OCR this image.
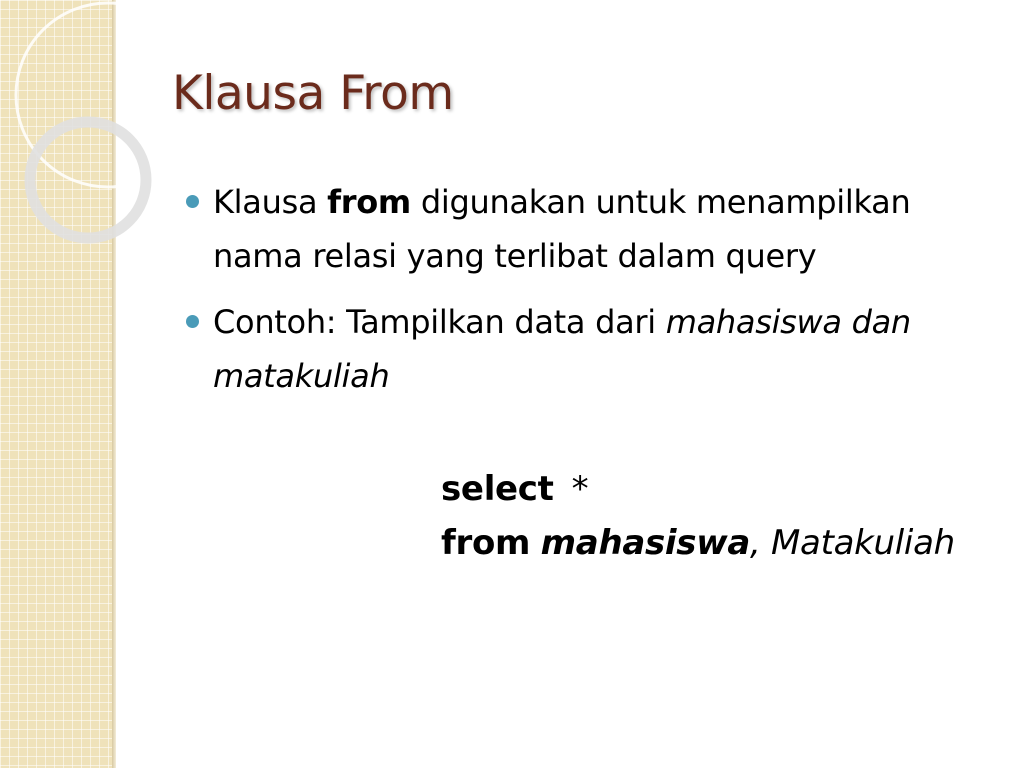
Klausa From
Klausa from digunakan untuk menampilkan nama relasi yang terlibat dalam query
Contoh: Tampilkan data dari mahasiswa dan matakuliah
select *
from mahasiswa, Matakuliah
